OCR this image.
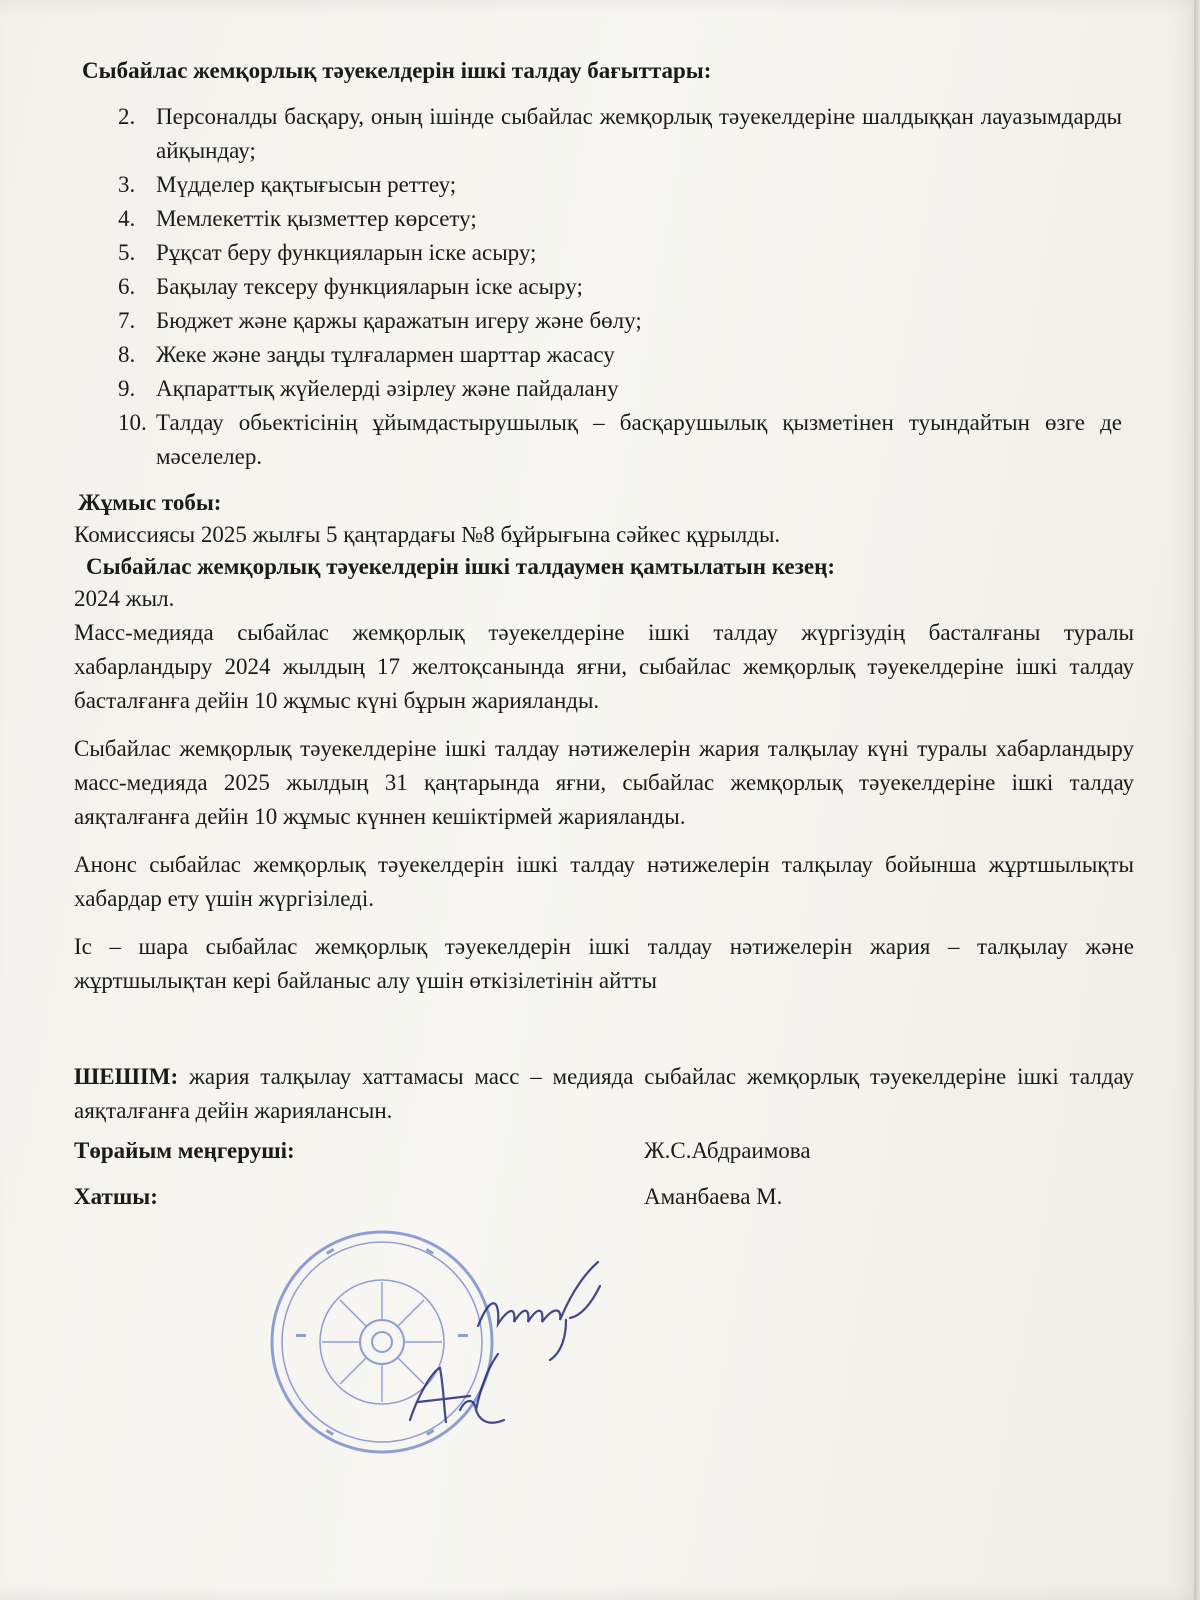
Сыбайлас жемқорлық тәуекелдерін ішкі талдау бағыттары:

2. Персоналды басқару, оның ішінде сыбайлас жемқорлық тәуекелдеріне шалдыққан лауазымдарды айқындау;
3. Мүдделер қақтығысын реттеу;
4. Мемлекеттік қызметтер көрсету;
5. Рұқсат беру функцияларын іске асыру;
6. Бақылау тексеру функцияларын іске асыру;
7. Бюджет және қаржы қаражатын игеру және бөлу;
8. Жеке және заңды тұлғалармен шарттар жасасу
9. Ақпараттық жүйелерді әзірлеу және пайдалану
10. Талдау обьектісінің ұйымдастырушылық – басқарушылық қызметінен туындайтын өзге де мәселелер.

Жұмыс тобы:

Комиссиясы 2025 жылғы 5 қаңтардағы №8 бұйрығына сәйкес құрылды.

Сыбайлас жемқорлық тәуекелдерін ішкі талдаумен қамтылатын кезең:

2024 жыл.

Масс-медияда сыбайлас жемқорлық тәуекелдеріне ішкі талдау жүргізудің басталғаны туралы хабарландыру 2024 жылдың 17 желтоқсанында яғни, сыбайлас жемқорлық тәуекелдеріне ішкі талдау басталғанға дейін 10 жұмыс күні бұрын жарияланды.

Сыбайлас жемқорлық тәуекелдеріне ішкі талдау нәтижелерін жария талқылау күні туралы хабарландыру масс-медияда 2025 жылдың 31 қаңтарында яғни, сыбайлас жемқорлық тәуекелдеріне ішкі талдау аяқталғанға дейін 10 жұмыс күннен кешіктірмей жарияланды.

Анонс сыбайлас жемқорлық тәуекелдерін ішкі талдау нәтижелерін талқылау бойынша жұртшылықты хабардар ету үшін жүргізіледі.

Іс – шара сыбайлас жемқорлық тәуекелдерін ішкі талдау нәтижелерін жария – талқылау және жұртшылықтан кері байланыс алу үшін өткізілетінін айтты

ШЕШІМ: жария талқылау хаттамасы масс – медияда сыбайлас жемқорлық тәуекелдеріне ішкі талдау аяқталғанға дейін жариялансын.

Төрайым меңгеруші:	Ж.С.Абдраимова
Хатшы:	Аманбаева М.
